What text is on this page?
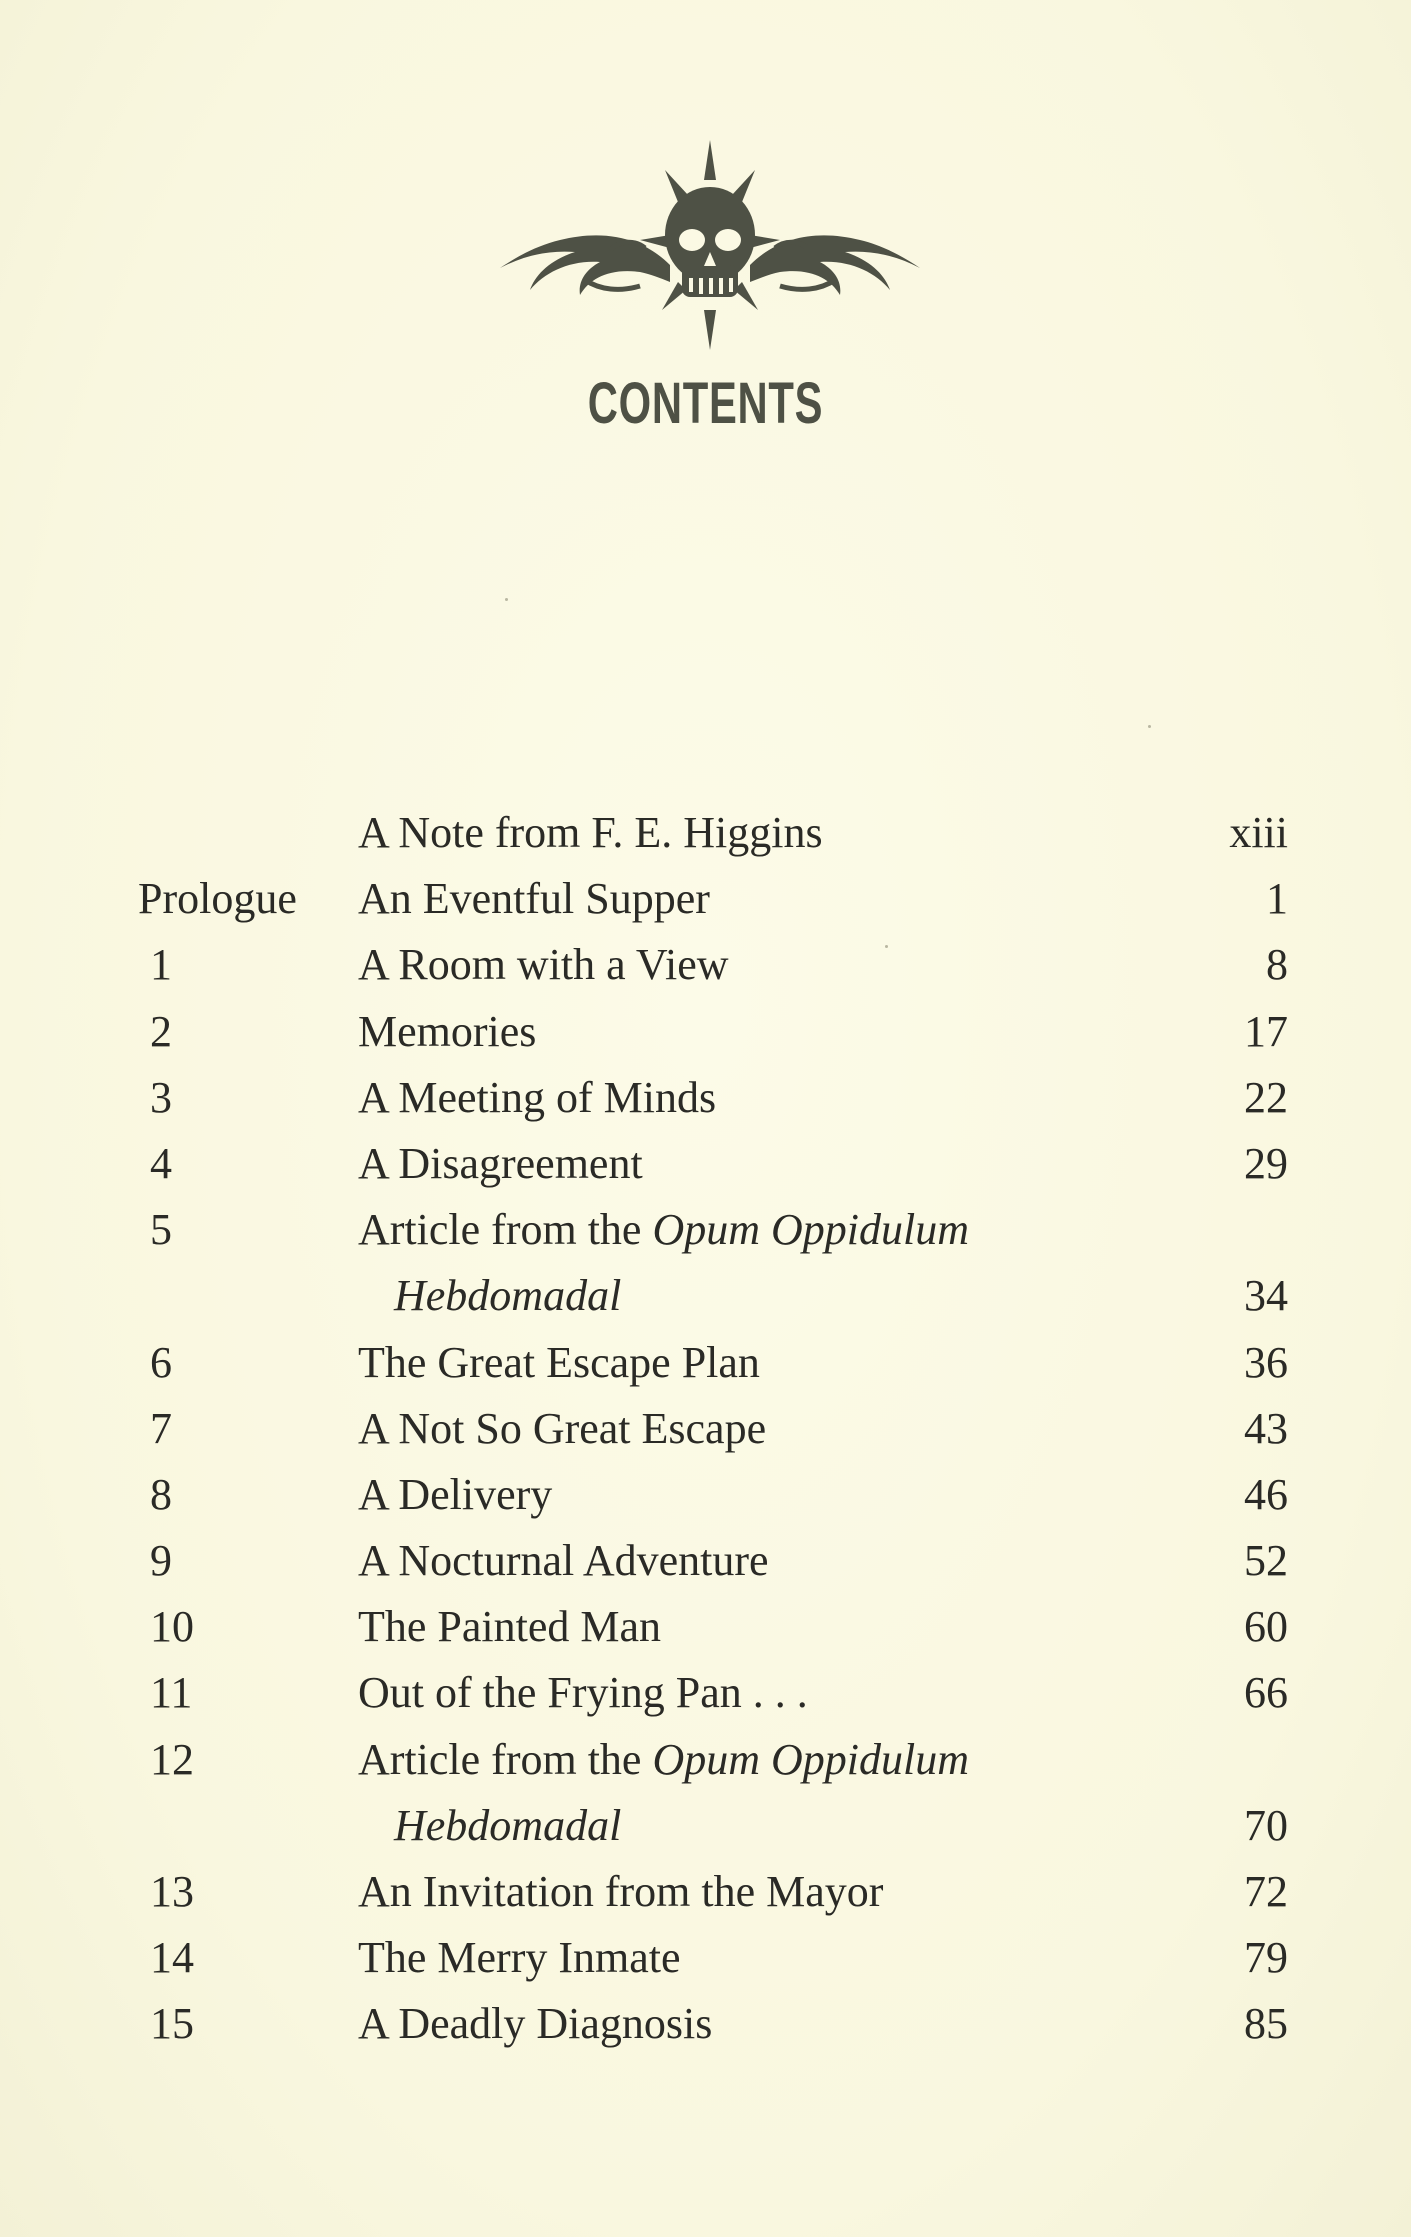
CONTENTS
A Note from F. E. Higgins	xiii
Prologue	An Eventful Supper	1
1	A Room with a View	8
2	Memories	17
3	A Meeting of Minds	22
4	A Disagreement	29
5	Article from the Opum Oppidulum
Hebdomadal	34
6	The Great Escape Plan	36
7	A Not So Great Escape	43
8	A Delivery	46
9	A Nocturnal Adventure	52
10	The Painted Man	60
11	Out of the Frying Pan . . .	66
12	Article from the Opum Oppidulum
Hebdomadal	70
13	An Invitation from the Mayor	72
14	The Merry Inmate	79
15	A Deadly Diagnosis	85
